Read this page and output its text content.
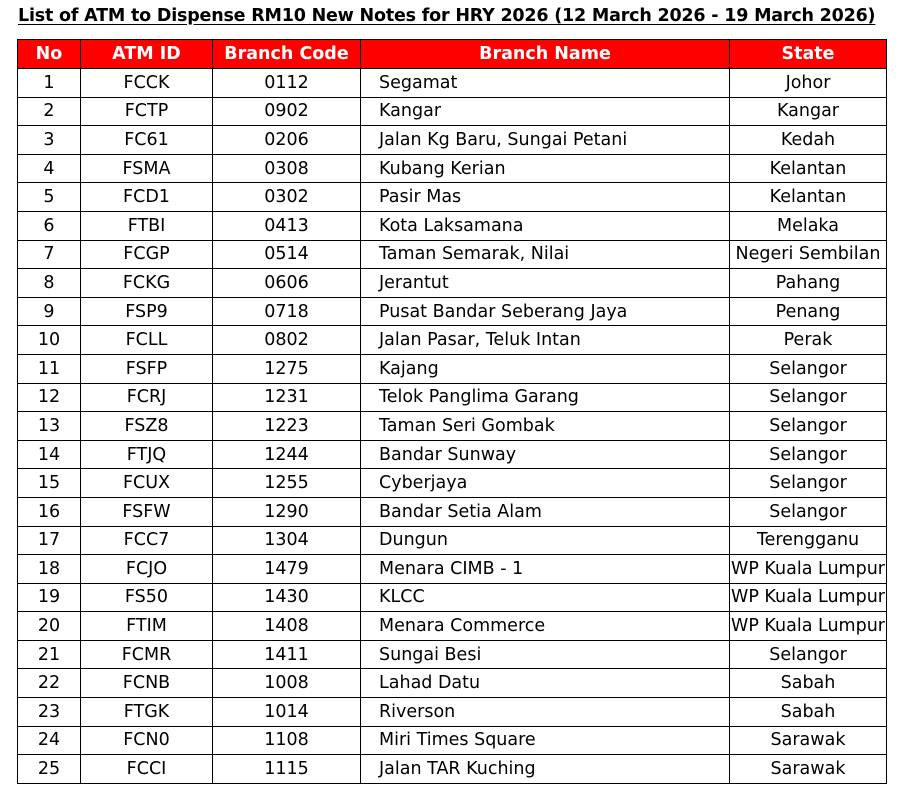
List of ATM to Dispense RM10 New Notes for HRY 2026 (12 March 2026 - 19 March 2026)
No	ATM ID	Branch Code	Branch Name	State
1	FCCK	0112	Segamat	Johor
2	FCTP	0902	Kangar	Kangar
3	FC61	0206	Jalan Kg Baru, Sungai Petani	Kedah
4	FSMA	0308	Kubang Kerian	Kelantan
5	FCD1	0302	Pasir Mas	Kelantan
6	FTBI	0413	Kota Laksamana	Melaka
7	FCGP	0514	Taman Semarak, Nilai	Negeri Sembilan
8	FCKG	0606	Jerantut	Pahang
9	FSP9	0718	Pusat Bandar Seberang Jaya	Penang
10	FCLL	0802	Jalan Pasar, Teluk Intan	Perak
11	FSFP	1275	Kajang	Selangor
12	FCRJ	1231	Telok Panglima Garang	Selangor
13	FSZ8	1223	Taman Seri Gombak	Selangor
14	FTJQ	1244	Bandar Sunway	Selangor
15	FCUX	1255	Cyberjaya	Selangor
16	FSFW	1290	Bandar Setia Alam	Selangor
17	FCC7	1304	Dungun	Terengganu
18	FCJO	1479	Menara CIMB - 1	WP Kuala Lumpur
19	FS50	1430	KLCC	WP Kuala Lumpur
20	FTIM	1408	Menara Commerce	WP Kuala Lumpur
21	FCMR	1411	Sungai Besi	Selangor
22	FCNB	1008	Lahad Datu	Sabah
23	FTGK	1014	Riverson	Sabah
24	FCN0	1108	Miri Times Square	Sarawak
25	FCCI	1115	Jalan TAR Kuching	Sarawak
